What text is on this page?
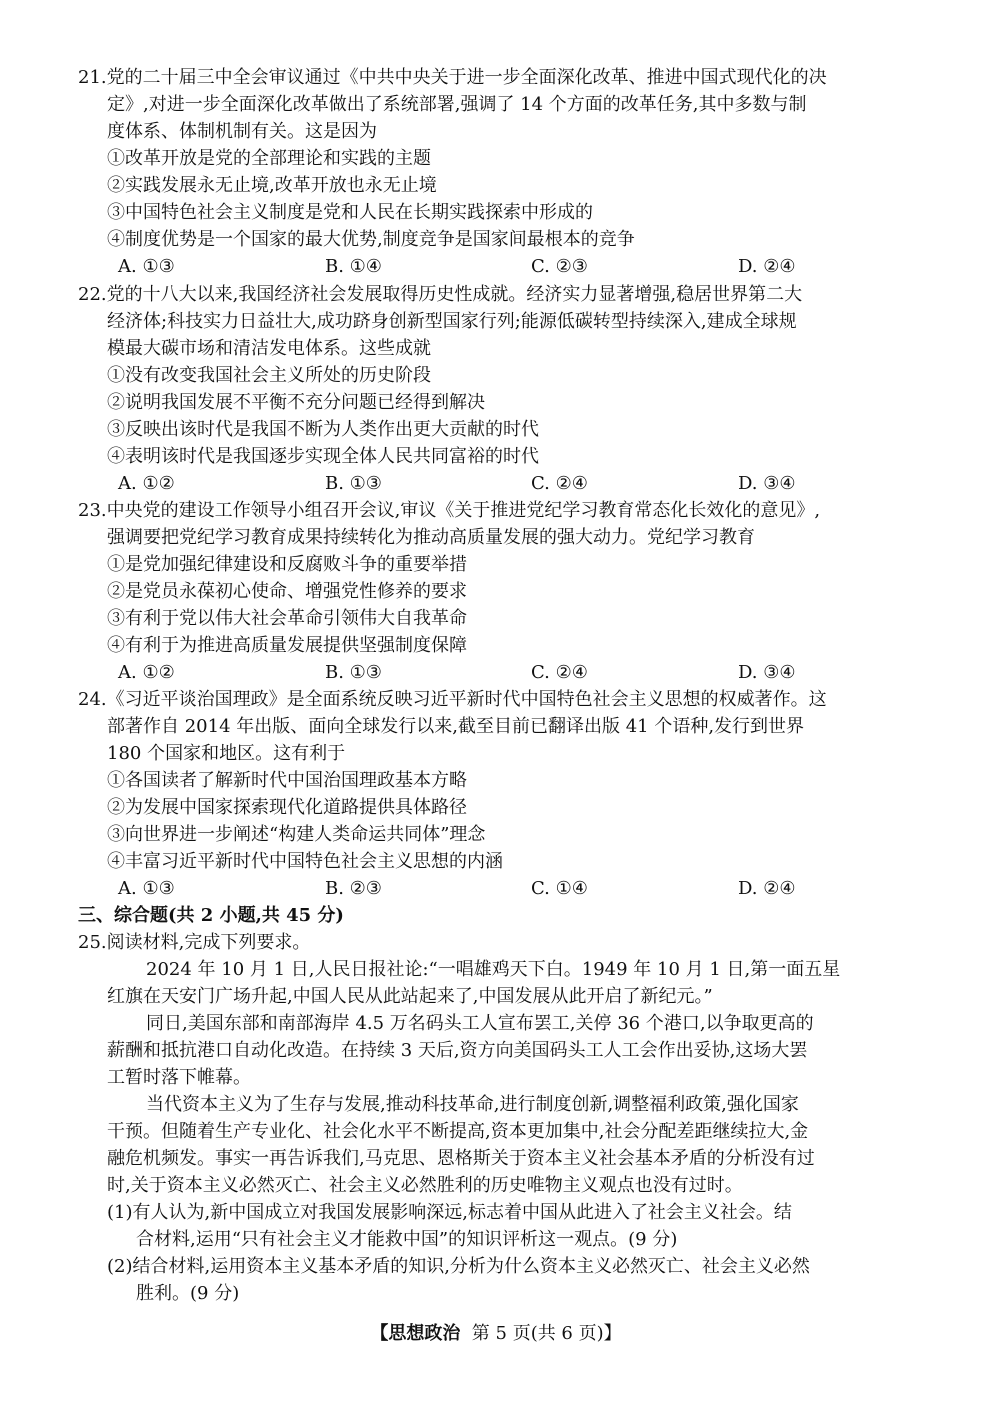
21.党的二十届三中全会审议通过《中共中央关于进一步全面深化改革、推进中国式现代化的决
定》,对进一步全面深化改革做出了系统部署,强调了 14 个方面的改革任务,其中多数与制
度体系、体制机制有关。这是因为
①改革开放是党的全部理论和实践的主题
②实践发展永无止境,改革开放也永无止境
③中国特色社会主义制度是党和人民在长期实践探索中形成的
④制度优势是一个国家的最大优势,制度竞争是国家间最根本的竞争
A. ①③	B. ①④	C. ②③	D. ②④
22.党的十八大以来,我国经济社会发展取得历史性成就。经济实力显著增强,稳居世界第二大
经济体;科技实力日益壮大,成功跻身创新型国家行列;能源低碳转型持续深入,建成全球规
模最大碳市场和清洁发电体系。这些成就
①没有改变我国社会主义所处的历史阶段
②说明我国发展不平衡不充分问题已经得到解决
③反映出该时代是我国不断为人类作出更大贡献的时代
④表明该时代是我国逐步实现全体人民共同富裕的时代
A. ①②	B. ①③	C. ②④	D. ③④
23.中央党的建设工作领导小组召开会议,审议《关于推进党纪学习教育常态化长效化的意见》,
强调要把党纪学习教育成果持续转化为推动高质量发展的强大动力。党纪学习教育
①是党加强纪律建设和反腐败斗争的重要举措
②是党员永葆初心使命、增强党性修养的要求
③有利于党以伟大社会革命引领伟大自我革命
④有利于为推进高质量发展提供坚强制度保障
A. ①②	B. ①③	C. ②④	D. ③④
24.《习近平谈治国理政》是全面系统反映习近平新时代中国特色社会主义思想的权威著作。这
部著作自 2014 年出版、面向全球发行以来,截至目前已翻译出版 41 个语种,发行到世界
180 个国家和地区。这有利于
①各国读者了解新时代中国治国理政基本方略
②为发展中国家探索现代化道路提供具体路径
③向世界进一步阐述“构建人类命运共同体”理念
④丰富习近平新时代中国特色社会主义思想的内涵
A. ①③	B. ②③	C. ①④	D. ②④
三、综合题(共 2 小题,共 45 分)
25.阅读材料,完成下列要求。
2024 年 10 月 1 日,人民日报社论:“一唱雄鸡天下白。1949 年 10 月 1 日,第一面五星
红旗在天安门广场升起,中国人民从此站起来了,中国发展从此开启了新纪元。”
同日,美国东部和南部海岸 4.5 万名码头工人宣布罢工,关停 36 个港口,以争取更高的
薪酬和抵抗港口自动化改造。在持续 3 天后,资方向美国码头工人工会作出妥协,这场大罢
工暂时落下帷幕。
当代资本主义为了生存与发展,推动科技革命,进行制度创新,调整福利政策,强化国家
干预。但随着生产专业化、社会化水平不断提高,资本更加集中,社会分配差距继续拉大,金
融危机频发。事实一再告诉我们,马克思、恩格斯关于资本主义社会基本矛盾的分析没有过
时,关于资本主义必然灭亡、社会主义必然胜利的历史唯物主义观点也没有过时。
(1)有人认为,新中国成立对我国发展影响深远,标志着中国从此进入了社会主义社会。结
合材料,运用“只有社会主义才能救中国”的知识评析这一观点。(9 分)
(2)结合材料,运用资本主义基本矛盾的知识,分析为什么资本主义必然灭亡、社会主义必然
胜利。(9 分)
【思想政治 第 5 页(共 6 页)】
